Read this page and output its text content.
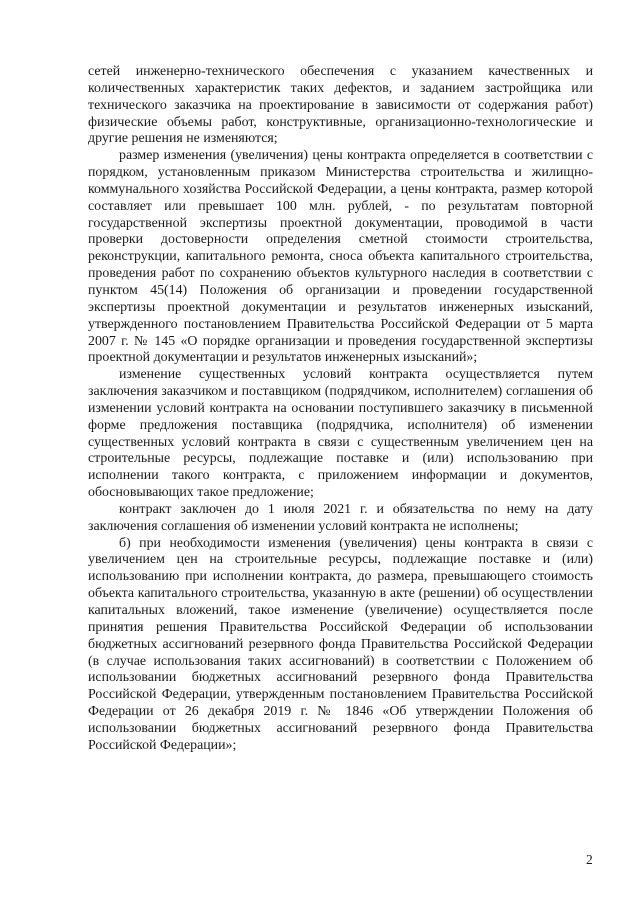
сетей инженерно-технического обеспечения с указанием качественных и количественных характеристик таких дефектов, и заданием застройщика или технического заказчика на проектирование в зависимости от содержания работ) физические объемы работ, конструктивные, организационно-технологические и другие решения не изменяются;

размер изменения (увеличения) цены контракта определяется в соответствии с порядком, установленным приказом Министерства строительства и жилищно-коммунального хозяйства Российской Федерации, а цены контракта, размер которой составляет или превышает 100 млн. рублей, - по результатам повторной государственной экспертизы проектной документации, проводимой в части проверки достоверности определения сметной стоимости строительства, реконструкции, капитального ремонта, сноса объекта капитального строительства, проведения работ по сохранению объектов культурного наследия в соответствии с пунктом 45(14) Положения об организации и проведении государственной экспертизы проектной документации и результатов инженерных изысканий, утвержденного постановлением Правительства Российской Федерации от 5 марта 2007 г. № 145 «О порядке организации и проведения государственной экспертизы проектной документации и результатов инженерных изысканий»;

изменение существенных условий контракта осуществляется путем заключения заказчиком и поставщиком (подрядчиком, исполнителем) соглашения об изменении условий контракта на основании поступившего заказчику в письменной форме предложения поставщика (подрядчика, исполнителя) об изменении существенных условий контракта в связи с существенным увеличением цен на строительные ресурсы, подлежащие поставке и (или) использованию при исполнении такого контракта, с приложением информации и документов, обосновывающих такое предложение;

контракт заключен до 1 июля 2021 г. и обязательства по нему на дату заключения соглашения об изменении условий контракта не исполнены;

б) при необходимости изменения (увеличения) цены контракта в связи с увеличением цен на строительные ресурсы, подлежащие поставке и (или) использованию при исполнении контракта, до размера, превышающего стоимость объекта капитального строительства, указанную в акте (решении) об осуществлении капитальных вложений, такое изменение (увеличение) осуществляется после принятия решения Правительства Российской Федерации об использовании бюджетных ассигнований резервного фонда Правительства Российской Федерации (в случае использования таких ассигнований) в соответствии с Положением об использовании бюджетных ассигнований резервного фонда Правительства Российской Федерации, утвержденным постановлением Правительства Российской Федерации от 26 декабря 2019 г. № 1846 «Об утверждении Положения об использовании бюджетных ассигнований резервного фонда Правительства Российской Федерации»;

2
